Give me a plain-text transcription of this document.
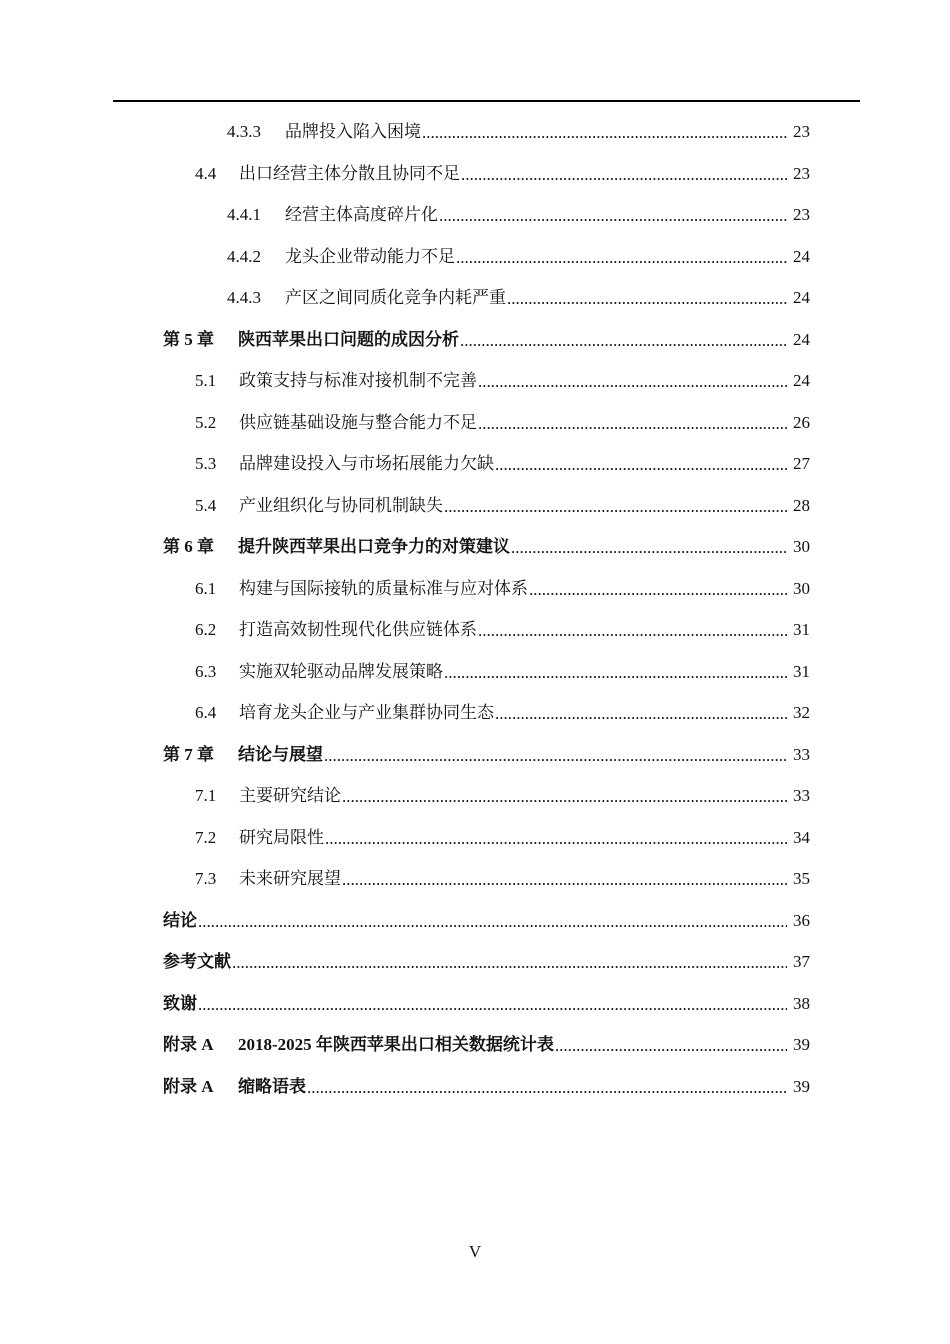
4.3.3	品牌投入陷入困境 .....	23
4.4	出口经营主体分散且协同不足 .....	23
4.4.1	经营主体高度碎片化 .....	23
4.4.2	龙头企业带动能力不足 .....	24
4.4.3	产区之间同质化竞争内耗严重 .....	24
第 5 章	陕西苹果出口问题的成因分析 .....	24
5.1	政策支持与标准对接机制不完善 .....	24
5.2	供应链基础设施与整合能力不足 .....	26
5.3	品牌建设投入与市场拓展能力欠缺 .....	27
5.4	产业组织化与协同机制缺失 .....	28
第 6 章	提升陕西苹果出口竞争力的对策建议 .....	30
6.1	构建与国际接轨的质量标准与应对体系 .....	30
6.2	打造高效韧性现代化供应链体系 .....	31
6.3	实施双轮驱动品牌发展策略 .....	31
6.4	培育龙头企业与产业集群协同生态 .....	32
第 7 章	结论与展望 .....	33
7.1	主要研究结论 .....	33
7.2	研究局限性 .....	34
7.3	未来研究展望 .....	35
结论 .....	36
参考文献 .....	37
致谢 .....	38
附录 A	2018-2025 年陕西苹果出口相关数据统计表 .....	39
附录 A	缩略语表 .....	39
V
